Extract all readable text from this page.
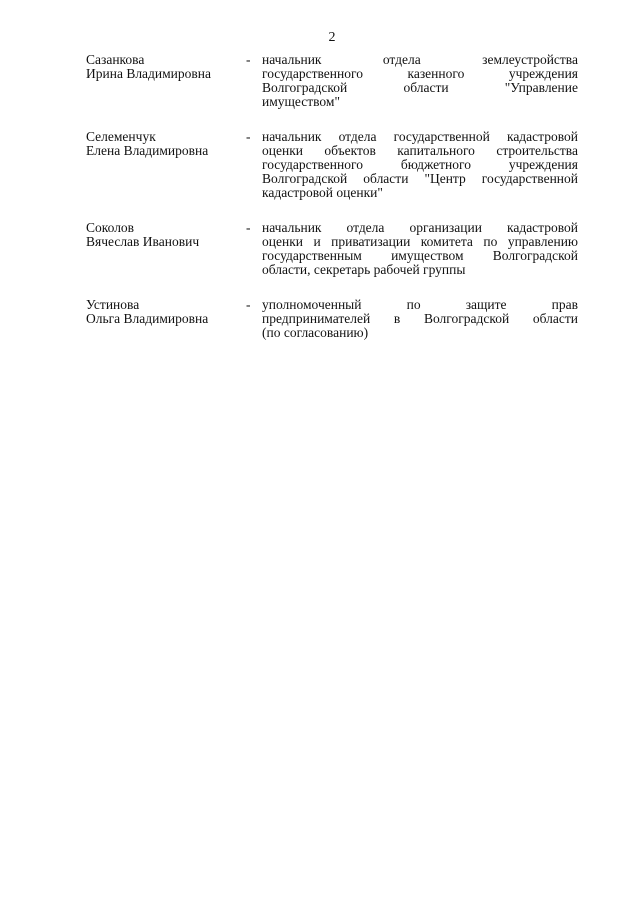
2
Сазанкова
Ирина Владимировна
- начальник отдела землеустройства
государственного казенного учреждения
Волгоградской области "Управление
имуществом"
Селеменчук
Елена Владимировна
- начальник отдела государственной кадастровой
оценки объектов капитального строительства
государственного бюджетного учреждения
Волгоградской области "Центр государственной
кадастровой оценки"
Соколов
Вячеслав Иванович
- начальник отдела организации кадастровой
оценки и приватизации комитета по управлению
государственным имуществом Волгоградской
области, секретарь рабочей группы
Устинова
Ольга Владимировна
- уполномоченный по защите прав
предпринимателей в Волгоградской области
(по согласованию)
